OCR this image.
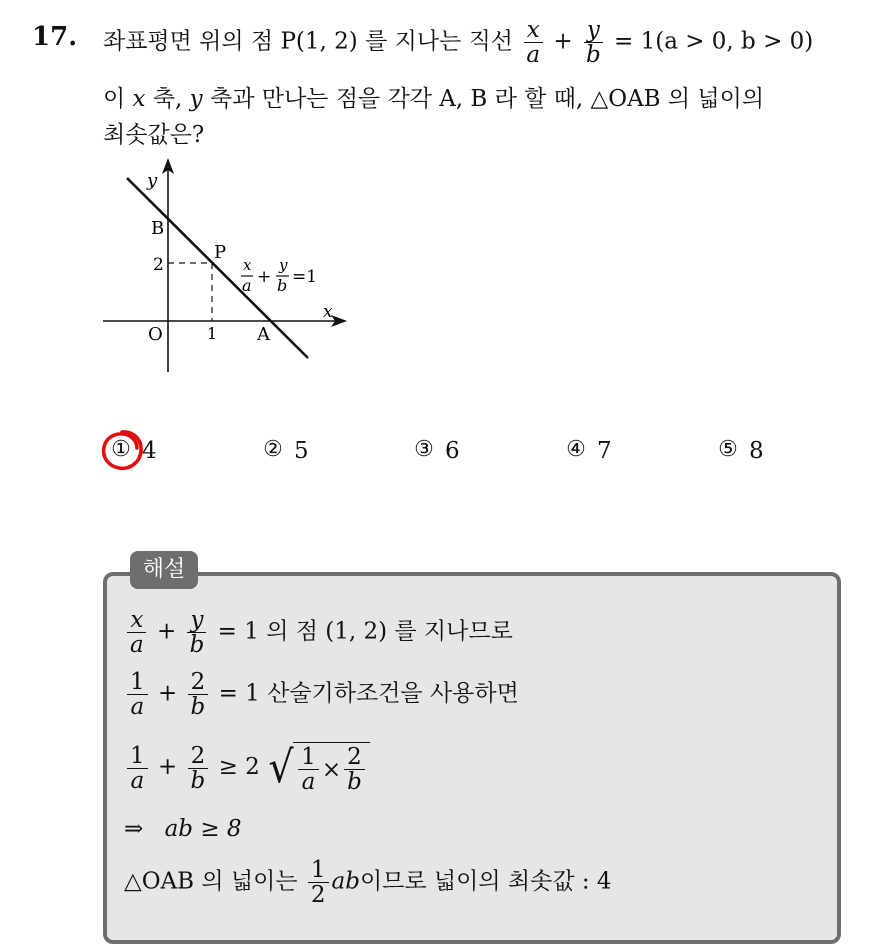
17. 좌표평면 위의 점 P(1, 2) 를 지나는 직선 $\frac{x}{a} + \frac{y}{b} = 1(a > 0$, b > 0)
이 x 축, y 축과 만나는 점을 각각 A, B 라 할 때, △OAB 의 넓이의
최솟값은?
y
x
B
P
2
O	1 A
x
a +
y
b =1
① 4	② 5	③ 6	④ 7	⑤ 8
해설
$\frac{x}{a} + \frac{y}{b} = 1$ 의 점 (1, 2) 를 지나므로
$\frac{1}{a} + \frac{2}{b} = 1$ 산술기하조건을 사용하면
$\frac{1}{a} + \frac{2}{b} \ge 2$ √ $\frac{1}{a} \times \frac{2}{b}$
⇒ ab ≥ 8
△OAB 의 넓이는 $\frac{1}{2}$ ab이므로 넓이의 최솟값 : 4
